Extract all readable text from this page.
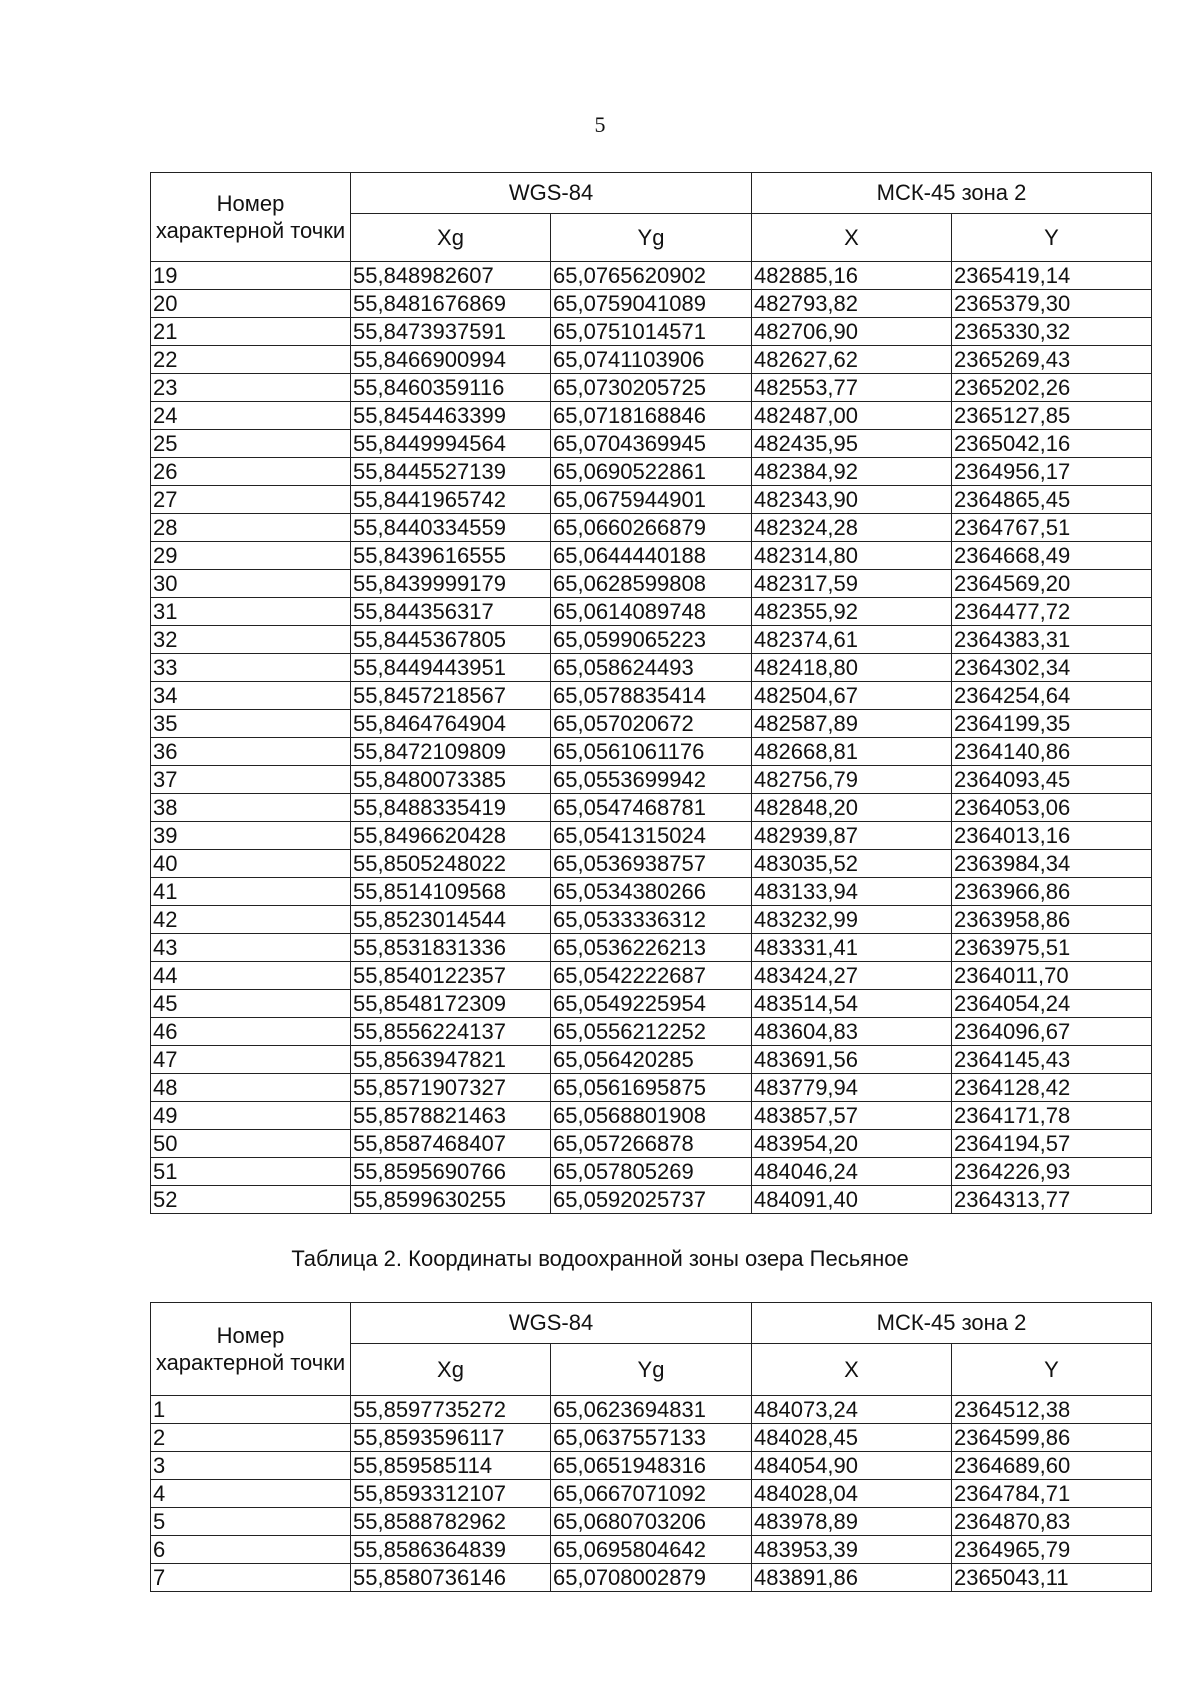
5
Номер характерной точки	WGS-84		МСК-45 зона 2	
	Xg	Yg	X	Y
19	55,848982607	65,0765620902	482885,16	2365419,14
20	55,8481676869	65,0759041089	482793,82	2365379,30
21	55,8473937591	65,0751014571	482706,90	2365330,32
22	55,8466900994	65,0741103906	482627,62	2365269,43
23	55,8460359116	65,0730205725	482553,77	2365202,26
24	55,8454463399	65,0718168846	482487,00	2365127,85
25	55,8449994564	65,0704369945	482435,95	2365042,16
26	55,8445527139	65,0690522861	482384,92	2364956,17
27	55,8441965742	65,0675944901	482343,90	2364865,45
28	55,8440334559	65,0660266879	482324,28	2364767,51
29	55,8439616555	65,0644440188	482314,80	2364668,49
30	55,8439999179	65,0628599808	482317,59	2364569,20
31	55,844356317	65,0614089748	482355,92	2364477,72
32	55,8445367805	65,0599065223	482374,61	2364383,31
33	55,8449443951	65,058624493	482418,80	2364302,34
34	55,8457218567	65,0578835414	482504,67	2364254,64
35	55,8464764904	65,057020672	482587,89	2364199,35
36	55,8472109809	65,0561061176	482668,81	2364140,86
37	55,8480073385	65,0553699942	482756,79	2364093,45
38	55,8488335419	65,0547468781	482848,20	2364053,06
39	55,8496620428	65,0541315024	482939,87	2364013,16
40	55,8505248022	65,0536938757	483035,52	2363984,34
41	55,8514109568	65,0534380266	483133,94	2363966,86
42	55,8523014544	65,0533336312	483232,99	2363958,86
43	55,8531831336	65,0536226213	483331,41	2363975,51
44	55,8540122357	65,0542222687	483424,27	2364011,70
45	55,8548172309	65,0549225954	483514,54	2364054,24
46	55,8556224137	65,0556212252	483604,83	2364096,67
47	55,8563947821	65,056420285	483691,56	2364145,43
48	55,8571907327	65,0561695875	483779,94	2364128,42
49	55,8578821463	65,0568801908	483857,57	2364171,78
50	55,8587468407	65,057266878	483954,20	2364194,57
51	55,8595690766	65,057805269	484046,24	2364226,93
52	55,8599630255	65,0592025737	484091,40	2364313,77
Таблица 2. Координаты водоохранной зоны озера Песьяное
Номер характерной точки	WGS-84		МСК-45 зона 2	
	Xg	Yg	X	Y
1	55,8597735272	65,0623694831	484073,24	2364512,38
2	55,8593596117	65,0637557133	484028,45	2364599,86
3	55,859585114	65,0651948316	484054,90	2364689,60
4	55,8593312107	65,0667071092	484028,04	2364784,71
5	55,8588782962	65,0680703206	483978,89	2364870,83
6	55,8586364839	65,0695804642	483953,39	2364965,79
7	55,8580736146	65,0708002879	483891,86	2365043,11
